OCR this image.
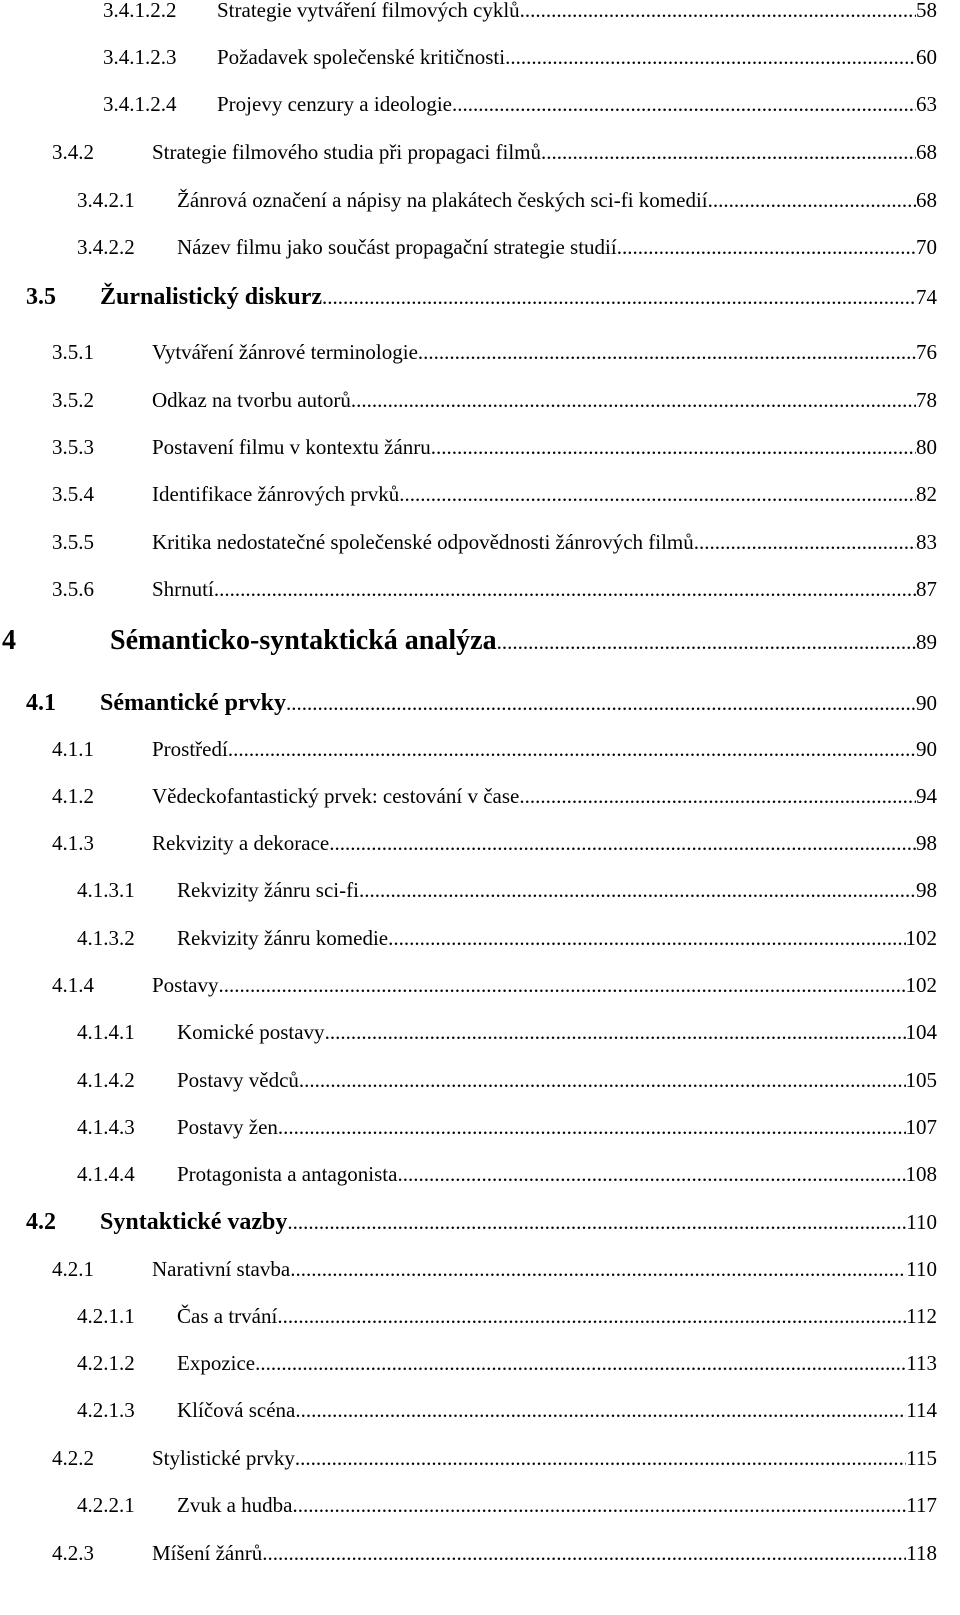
3.4.1.2.2	Strategie vytváření filmových cyklů .....	58
3.4.1.2.3	Požadavek společenské kritičnosti .....	60
3.4.1.2.4	Projevy cenzury a ideologie .....	63
3.4.2	Strategie filmového studia při propagaci filmů .....	68
3.4.2.1	Žánrová označení a nápisy na plakátech českých sci-fi komedií .....	68
3.4.2.2	Název filmu jako součást propagační strategie studií .....	70
3.5	Žurnalistický diskurz .....	74
3.5.1	Vytváření žánrové terminologie .....	76
3.5.2	Odkaz na tvorbu autorů .....	78
3.5.3	Postavení filmu v kontextu žánru .....	80
3.5.4	Identifikace žánrových prvků .....	82
3.5.5	Kritika nedostatečné společenské odpovědnosti žánrových filmů .....	83
3.5.6	Shrnutí .....	87
4	Sémanticko-syntaktická analýza .....	89
4.1	Sémantické prvky .....	90
4.1.1	Prostředí .....	90
4.1.2	Vědeckofantastický prvek: cestování v čase .....	94
4.1.3	Rekvizity a dekorace .....	98
4.1.3.1	Rekvizity žánru sci-fi .....	98
4.1.3.2	Rekvizity žánru komedie .....	102
4.1.4	Postavy .....	102
4.1.4.1	Komické postavy .....	104
4.1.4.2	Postavy vědců .....	105
4.1.4.3	Postavy žen .....	107
4.1.4.4	Protagonista a antagonista .....	108
4.2	Syntaktické vazby .....	110
4.2.1	Narativní stavba .....	110
4.2.1.1	Čas a trvání .....	112
4.2.1.2	Expozice .....	113
4.2.1.3	Klíčová scéna .....	114
4.2.2	Stylistické prvky .....	115
4.2.2.1	Zvuk a hudba .....	117
4.2.3	Míšení žánrů .....	118
